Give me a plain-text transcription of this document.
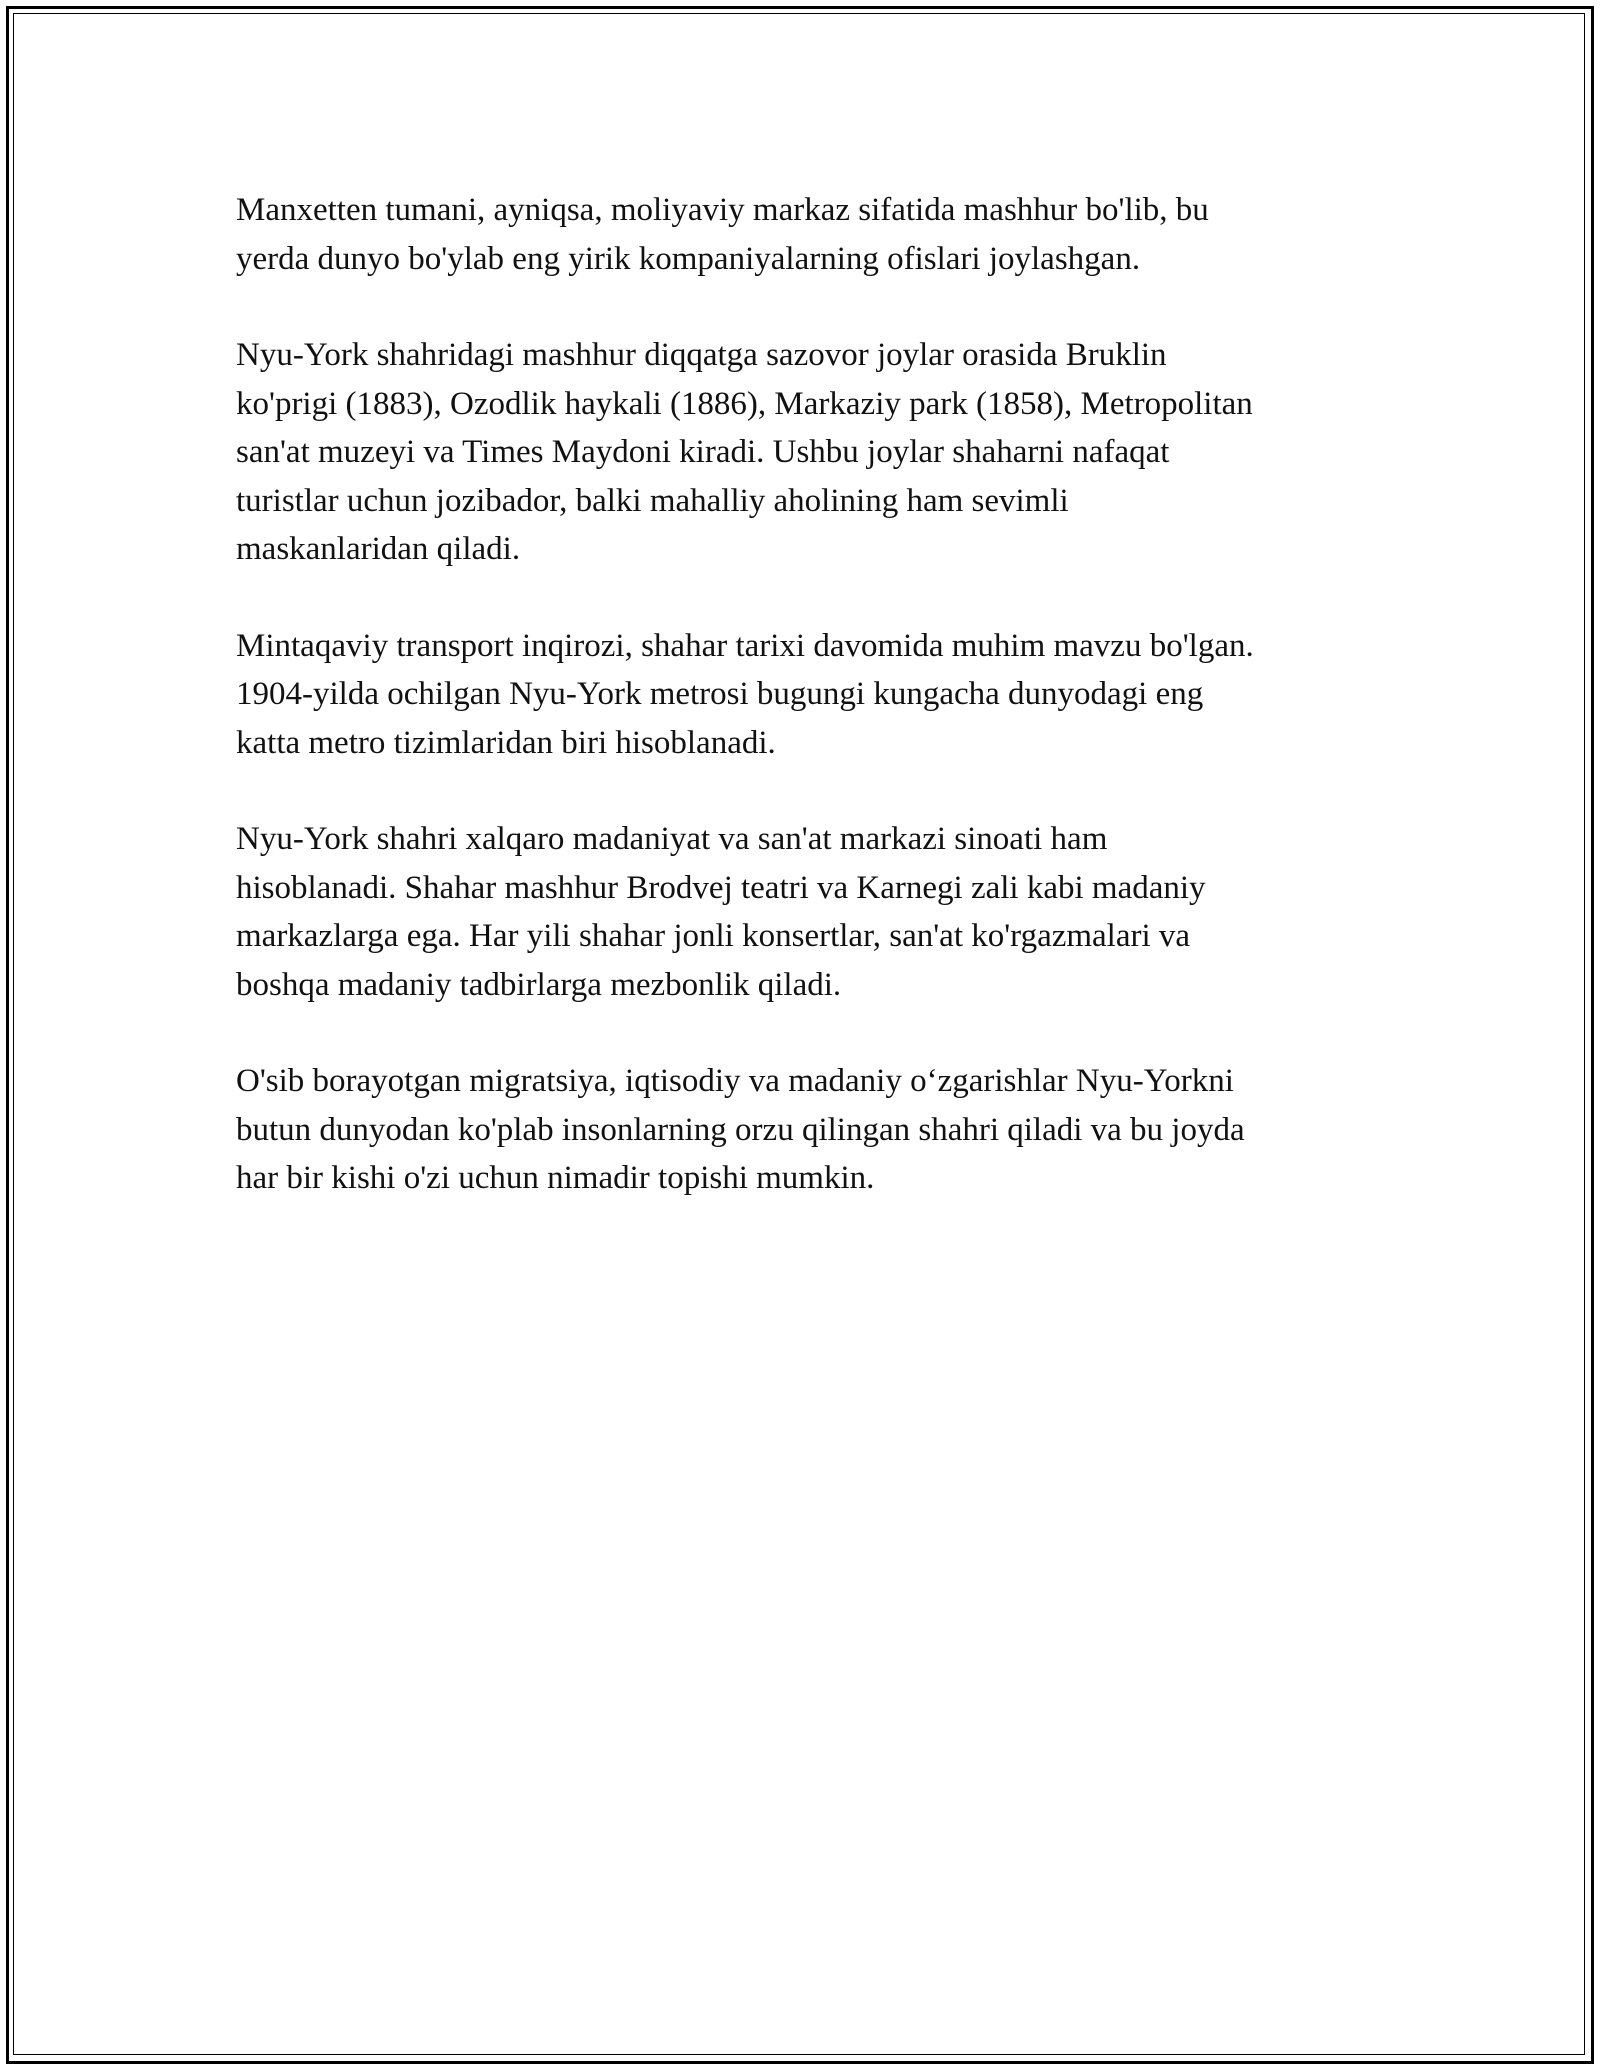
Manxetten tumani, ayniqsa, moliyaviy markaz sifatida mashhur bo'lib, bu
yerda dunyo bo'ylab eng yirik kompaniyalarning ofislari joylashgan.

Nyu-York shahridagi mashhur diqqatga sazovor joylar orasida Bruklin
ko'prigi (1883), Ozodlik haykali (1886), Markaziy park (1858), Metropolitan
san'at muzeyi va Times Maydoni kiradi. Ushbu joylar shaharni nafaqat
turistlar uchun jozibador, balki mahalliy aholining ham sevimli
maskanlaridan qiladi.

Mintaqaviy transport inqirozi, shahar tarixi davomida muhim mavzu bo'lgan.
1904-yilda ochilgan Nyu-York metrosi bugungi kungacha dunyodagi eng
katta metro tizimlaridan biri hisoblanadi.

Nyu-York shahri xalqaro madaniyat va san'at markazi sinoati ham
hisoblanadi. Shahar mashhur Brodvej teatri va Karnegi zali kabi madaniy
markazlarga ega. Har yili shahar jonli konsertlar, san'at ko'rgazmalari va
boshqa madaniy tadbirlarga mezbonlik qiladi.

O'sib borayotgan migratsiya, iqtisodiy va madaniy o‘zgarishlar Nyu-Yorkni
butun dunyodan ko'plab insonlarning orzu qilingan shahri qiladi va bu joyda
har bir kishi o'zi uchun nimadir topishi mumkin.
